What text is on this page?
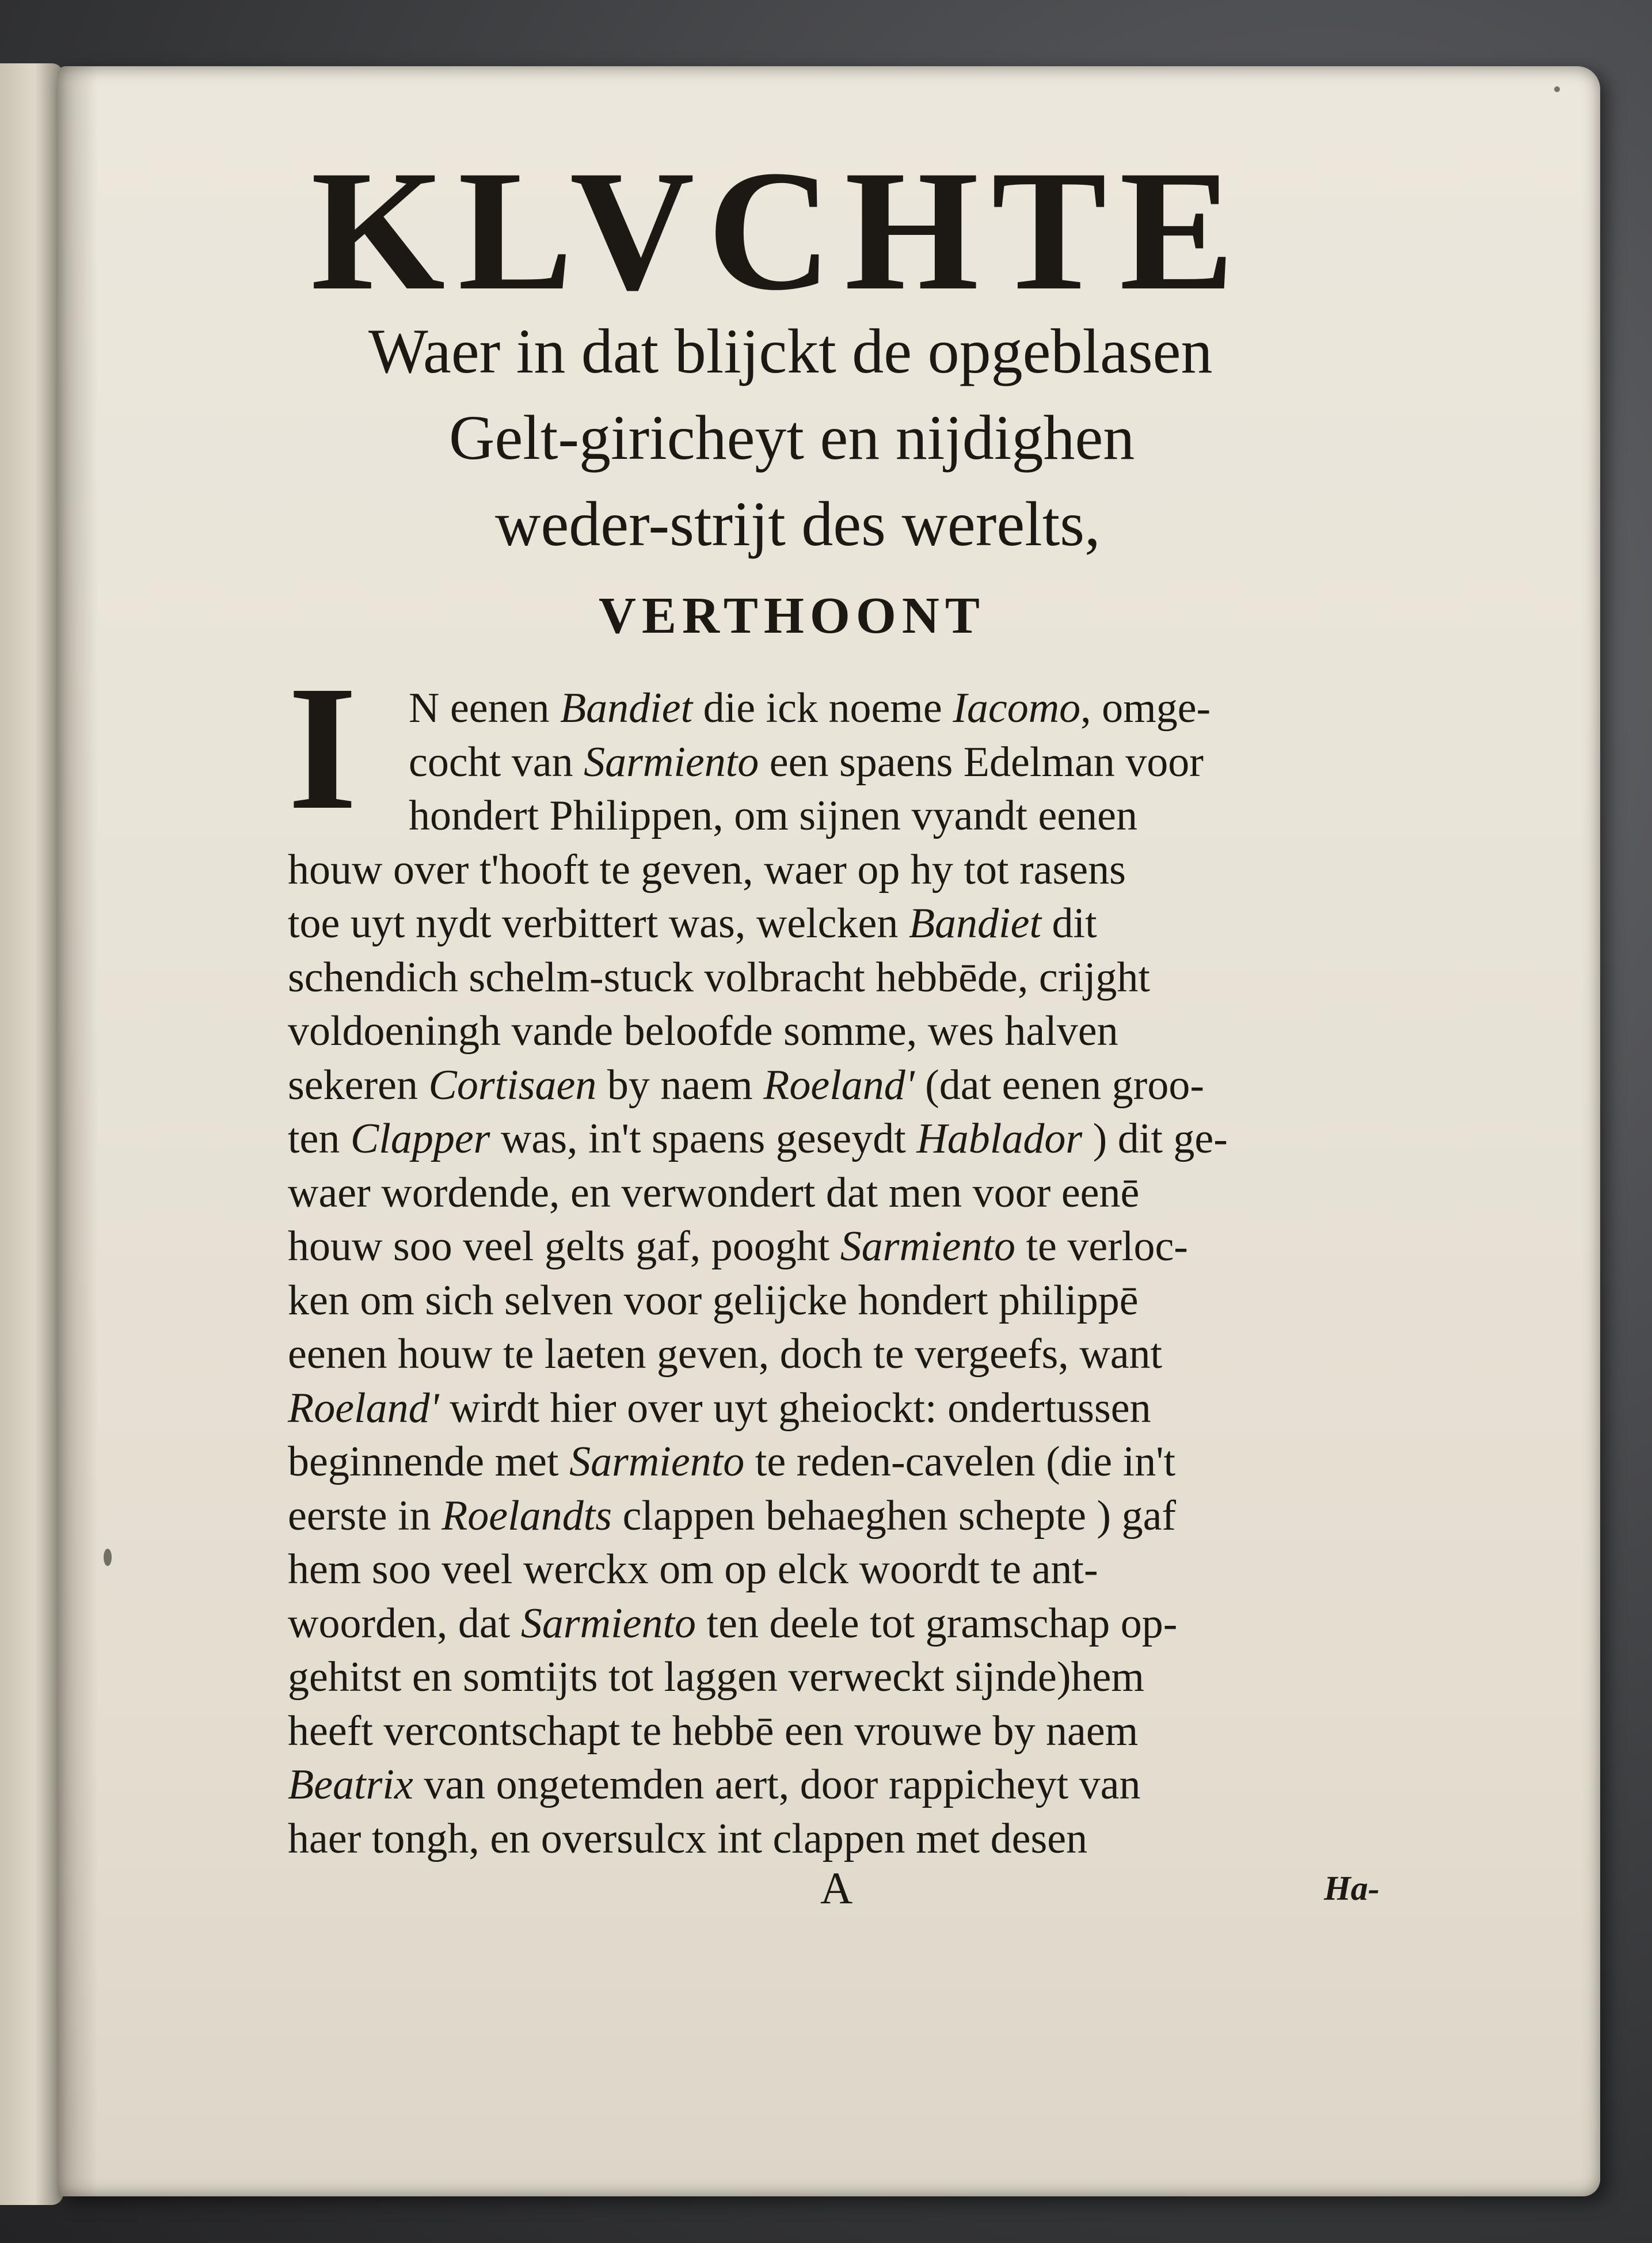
KLVCHTE
Waer in dat blijckt de opgeblasen
Gelt-giricheyt en nijdighen
weder-strijt des werelts,
VERTHOONT
I N eenen Bandiet die ick noeme Iacomo, omge-
cocht van Sarmiento een spaens Edelman voor
hondert Philippen, om sijnen vyandt eenen
houw over t'hooft te geven, waer op hy tot rasens
toe uyt nydt verbittert was, welcken Bandiet dit
schendich schelm-stuck volbracht hebbēde, crijght
voldoeningh vande beloofde somme, wes halven
sekeren Cortisaen by naem Roeland' (dat eenen groo-
ten Clapper was, in't spaens geseydt Hablador ) dit ge-
waer wordende, en verwondert dat men voor eenē
houw soo veel gelts gaf, pooght Sarmiento te verloc-
ken om sich selven voor gelijcke hondert philippē
eenen houw te laeten geven, doch te vergeefs, want
Roeland' wirdt hier over uyt gheiockt: ondertussen
beginnende met Sarmiento te reden-cavelen (die in't
eerste in Roelandts clappen behaeghen schepte ) gaf
hem soo veel werckx om op elck woordt te ant-
woorden, dat Sarmiento ten deele tot gramschap op-
gehitst en somtijts tot laggen verweckt sijnde)hem
heeft vercontschapt te hebbē een vrouwe by naem
Beatrix van ongetemden aert, door rappicheyt van
haer tongh, en oversulcx int clappen met desen
A	Ha-
